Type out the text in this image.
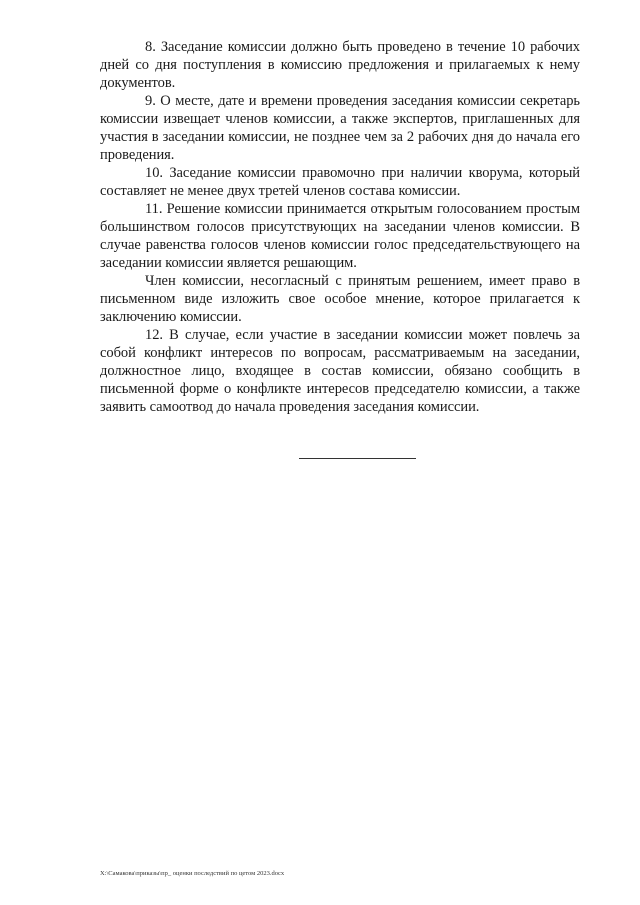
8. Заседание комиссии должно быть проведено в течение 10 рабочих дней со дня поступления в комиссию предложения и прилагаемых к нему документов.

9. О месте, дате и времени проведения заседания комиссии секретарь комиссии извещает членов комиссии, а также экспертов, приглашенных для участия в заседании комиссии, не позднее чем за 2 рабочих дня до начала его проведения.

10. Заседание комиссии правомочно при наличии кворума, который составляет не менее двух третей членов состава комиссии.

11. Решение комиссии принимается открытым голосованием простым большинством голосов присутствующих на заседании членов комиссии. В случае равенства голосов членов комиссии голос председательствующего на заседании комиссии является решающим.

Член комиссии, несогласный с принятым решением, имеет право в письменном виде изложить свое особое мнение, которое прилагается к заключению комиссии.

12. В случае, если участие в заседании комиссии может повлечь за собой конфликт интересов по вопросам, рассматриваемым на заседании, должностное лицо, входящее в состав комиссии, обязано сообщить в письменной форме о конфликте интересов председателю комиссии, а также заявить самоотвод до начала проведения заседания комиссии.

X:\Самакова\приказы\пр_ оценки последствий по цетом 2023.docx
